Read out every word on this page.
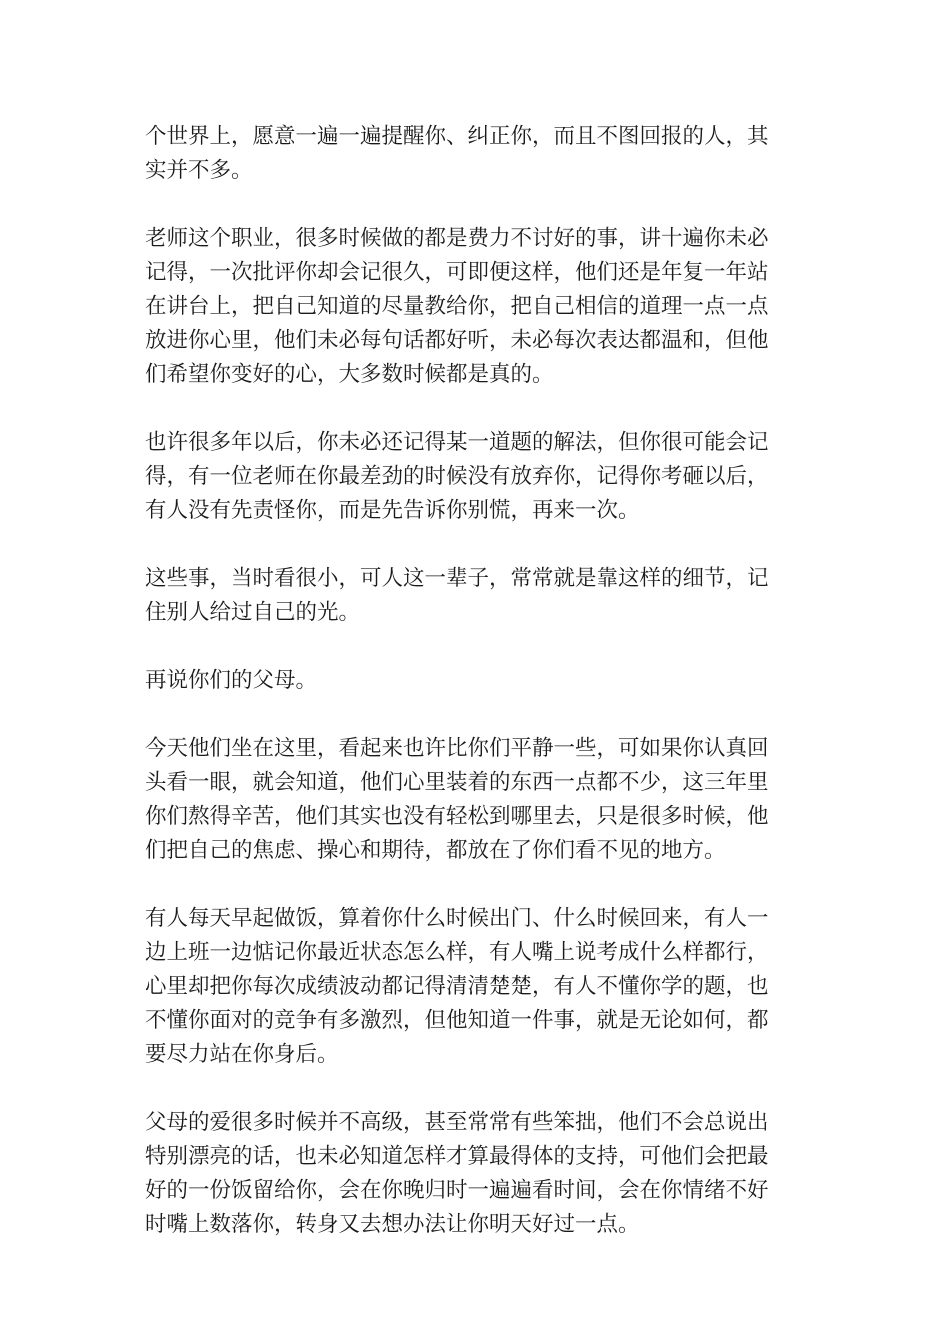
个世界上，愿意一遍一遍提醒你、纠正你，而且不图回报的人，其
实并不多。

老师这个职业，很多时候做的都是费力不讨好的事，讲十遍你未必
记得，一次批评你却会记很久，可即便这样，他们还是年复一年站
在讲台上，把自己知道的尽量教给你，把自己相信的道理一点一点
放进你心里，他们未必每句话都好听，未必每次表达都温和，但他
们希望你变好的心，大多数时候都是真的。

也许很多年以后，你未必还记得某一道题的解法，但你很可能会记
得，有一位老师在你最差劲的时候没有放弃你，记得你考砸以后，
有人没有先责怪你，而是先告诉你别慌，再来一次。

这些事，当时看很小，可人这一辈子，常常就是靠这样的细节，记
住别人给过自己的光。

再说你们的父母。

今天他们坐在这里，看起来也许比你们平静一些，可如果你认真回
头看一眼，就会知道，他们心里装着的东西一点都不少，这三年里
你们熬得辛苦，他们其实也没有轻松到哪里去，只是很多时候，他
们把自己的焦虑、操心和期待，都放在了你们看不见的地方。

有人每天早起做饭，算着你什么时候出门、什么时候回来，有人一
边上班一边惦记你最近状态怎么样，有人嘴上说考成什么样都行，
心里却把你每次成绩波动都记得清清楚楚，有人不懂你学的题，也
不懂你面对的竞争有多激烈，但他知道一件事，就是无论如何，都
要尽力站在你身后。

父母的爱很多时候并不高级，甚至常常有些笨拙，他们不会总说出
特别漂亮的话，也未必知道怎样才算最得体的支持，可他们会把最
好的一份饭留给你，会在你晚归时一遍遍看时间，会在你情绪不好
时嘴上数落你，转身又去想办法让你明天好过一点。
